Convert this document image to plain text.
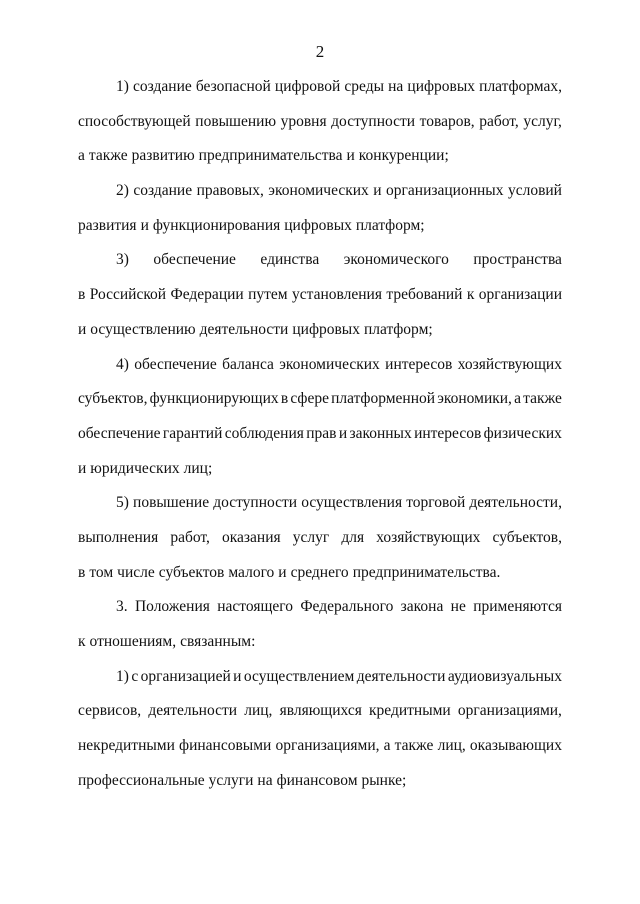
2
1) создание безопасной цифровой среды на цифровых платформах,
способствующей повышению уровня доступности товаров, работ, услуг,
а также развитию предпринимательства и конкуренции;
2) создание правовых, экономических и организационных условий
развития и функционирования цифровых платформ;
3) обеспечение единства экономического пространства
в Российской Федерации путем установления требований к организации
и осуществлению деятельности цифровых платформ;
4) обеспечение баланса экономических интересов хозяйствующих
субъектов, функционирующих в сфере платформенной экономики, а также
обеспечение гарантий соблюдения прав и законных интересов физических
и юридических лиц;
5) повышение доступности осуществления торговой деятельности,
выполнения работ, оказания услуг для хозяйствующих субъектов,
в том числе субъектов малого и среднего предпринимательства.
3. Положения настоящего Федерального закона не применяются
к отношениям, связанным:
1) с организацией и осуществлением деятельности аудиовизуальных
сервисов, деятельности лиц, являющихся кредитными организациями,
некредитными финансовыми организациями, а также лиц, оказывающих
профессиональные услуги на финансовом рынке;
